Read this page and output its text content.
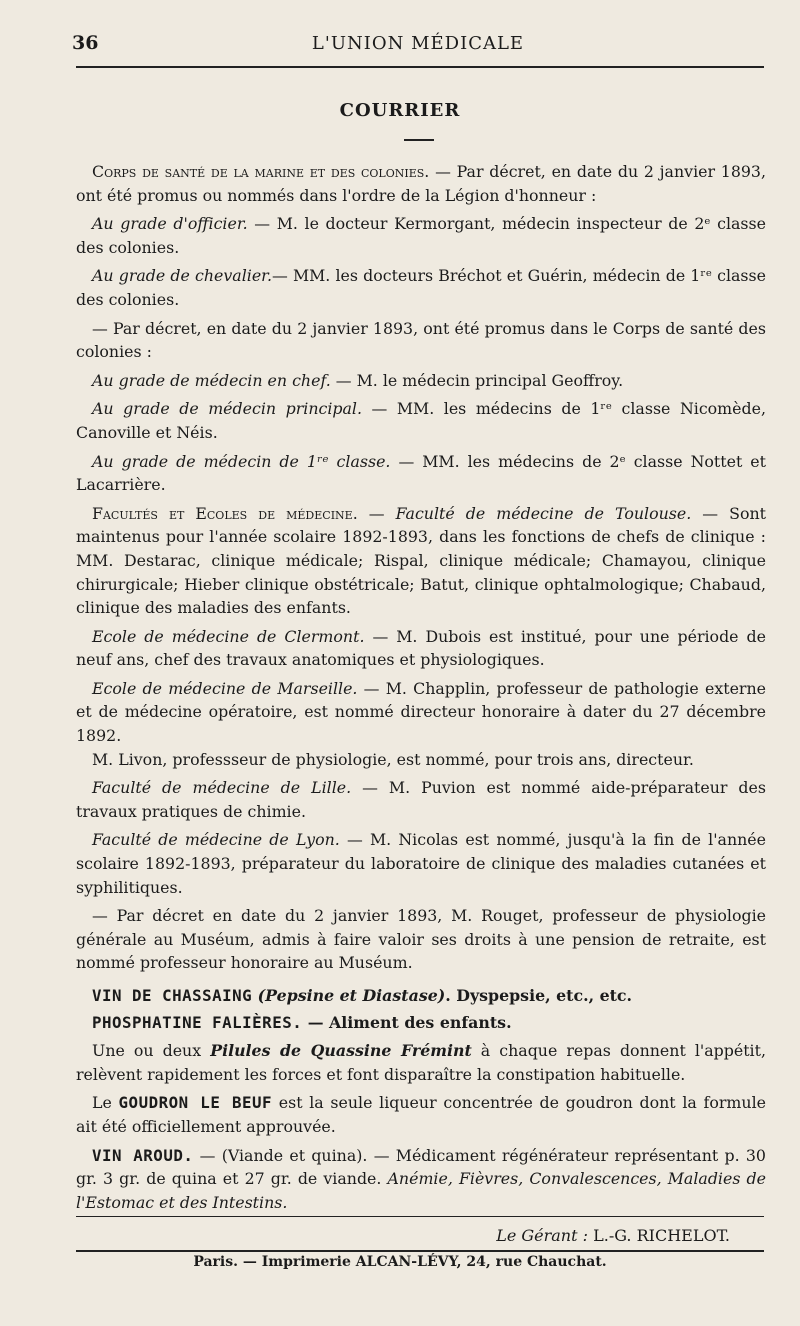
36	L'UNION MÉDICALE
COURRIER

Corps de santé de la marine et des colonies. — Par décret, en date du 2 janvier 1893, ont été promus ou nommés dans l'ordre de la Légion d'honneur :

Au grade d'officier. — M. le docteur Kermorgant, médecin inspecteur de 2ᵉ classe des colonies.

Au grade de chevalier.— MM. les docteurs Bréchot et Guérin, médecin de 1ʳᵉ classe des colonies.

— Par décret, en date du 2 janvier 1893, ont été promus dans le Corps de santé des colonies :

Au grade de médecin en chef. — M. le médecin principal Geoffroy.

Au grade de médecin principal. — MM. les médecins de 1ʳᵉ classe Nicomède, Canoville et Néis.

Au grade de médecin de 1ʳᵉ classe. — MM. les médecins de 2ᵉ classe Nottet et Lacarrière.

Facultés et Ecoles de médecine. — Faculté de médecine de Toulouse. — Sont maintenus pour l'année scolaire 1892-1893, dans les fonctions de chefs de clinique : MM. Destarac, clinique médicale; Rispal, clinique médicale; Chamayou, clinique chirurgicale; Hieber clinique obstétricale; Batut, clinique ophtalmologique; Chabaud, clinique des maladies des enfants.

Ecole de médecine de Clermont. — M. Dubois est institué, pour une période de neuf ans, chef des travaux anatomiques et physiologiques.

Ecole de médecine de Marseille. — M. Chapplin, professeur de pathologie externe et de médecine opératoire, est nommé directeur honoraire à dater du 27 décembre 1892.

M. Livon, professseur de physiologie, est nommé, pour trois ans, directeur.

Faculté de médecine de Lille. — M. Puvion est nommé aide-préparateur des travaux pratiques de chimie.

Faculté de médecine de Lyon. — M. Nicolas est nommé, jusqu'à la fin de l'année scolaire 1892-1893, préparateur du laboratoire de clinique des maladies cutanées et syphilitiques.

— Par décret en date du 2 janvier 1893, M. Rouget, professeur de physiologie générale au Muséum, admis à faire valoir ses droits à une pension de retraite, est nommé professeur honoraire au Muséum.

VIN DE CHASSAING (Pepsine et Diastase). Dyspepsie, etc., etc.

PHOSPHATINE FALIÈRES. — Aliment des enfants.

Une ou deux Pilules de Quassine Frémint à chaque repas donnent l'appétit, relèvent rapidement les forces et font disparaître la constipation habituelle.

Le GOUDRON LE BEUF est la seule liqueur concentrée de goudron dont la formule ait été officiellement approuvée.

VIN AROUD. — (Viande et quina). — Médicament régénérateur représentant p. 30 gr. 3 gr. de quina et 27 gr. de viande. Anémie, Fièvres, Convalescences, Maladies de l'Estomac et des Intestins.

Le Gérant : L.-G. RICHELOT.
Paris. — Imprimerie ALCAN-LÉVY, 24, rue Chauchat.
